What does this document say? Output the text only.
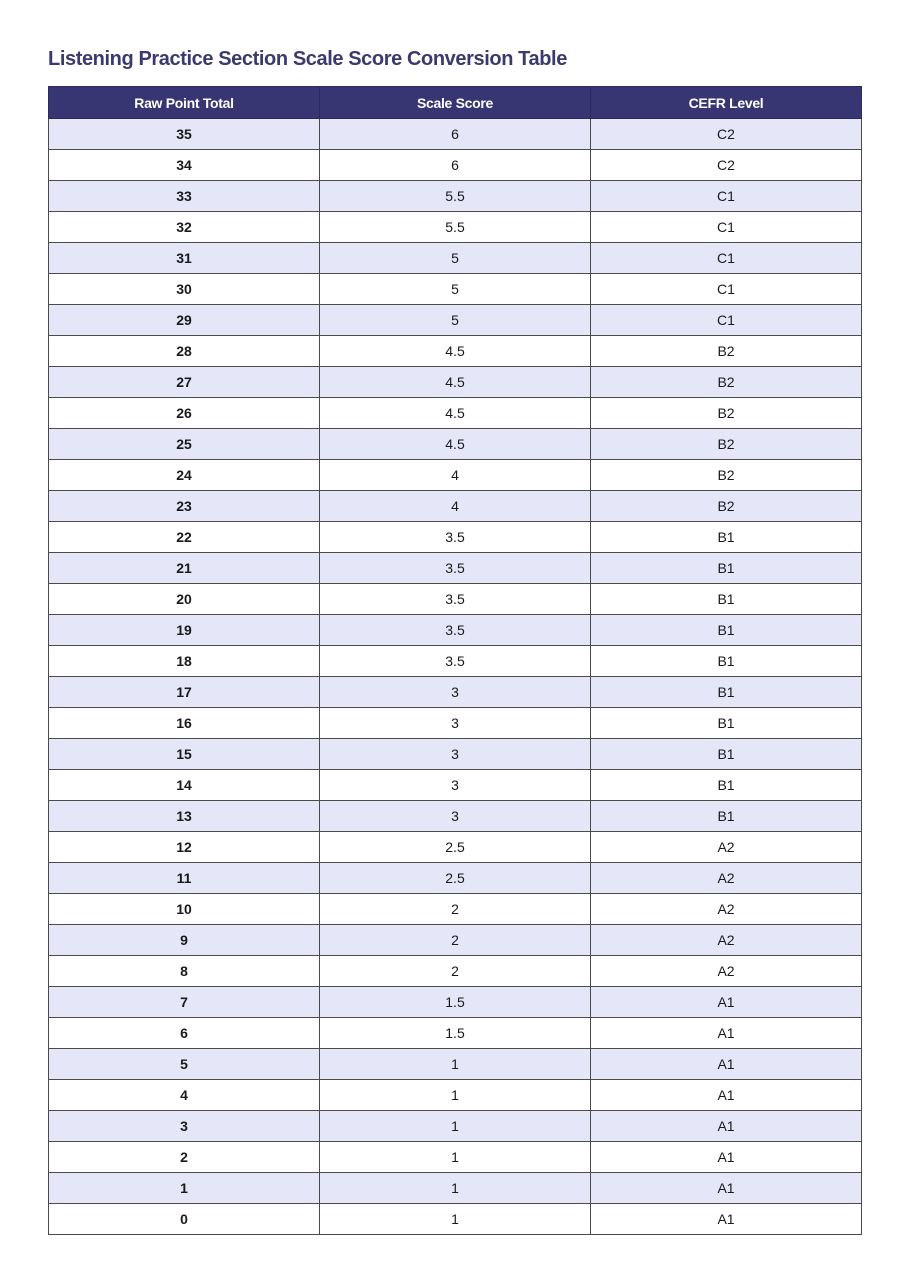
Listening Practice Section Scale Score Conversion Table
Raw Point Total	Scale Score	CEFR Level
35	6	C2
34	6	C2
33	5.5	C1
32	5.5	C1
31	5	C1
30	5	C1
29	5	C1
28	4.5	B2
27	4.5	B2
26	4.5	B2
25	4.5	B2
24	4	B2
23	4	B2
22	3.5	B1
21	3.5	B1
20	3.5	B1
19	3.5	B1
18	3.5	B1
17	3	B1
16	3	B1
15	3	B1
14	3	B1
13	3	B1
12	2.5	A2
11	2.5	A2
10	2	A2
9	2	A2
8	2	A2
7	1.5	A1
6	1.5	A1
5	1	A1
4	1	A1
3	1	A1
2	1	A1
1	1	A1
0	1	A1
